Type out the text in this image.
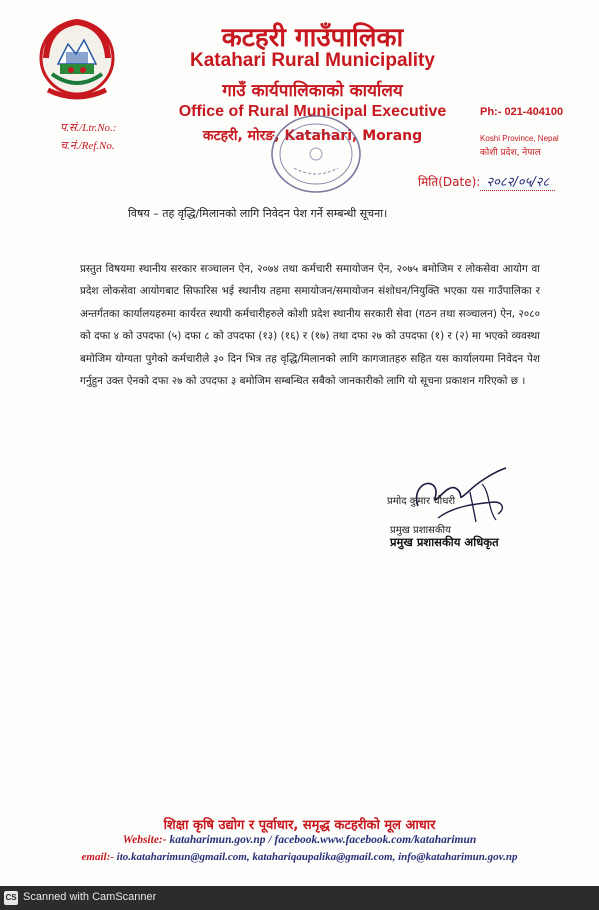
कटहरी गाउँपालिका
Katahari Rural Municipality
गाउँ कार्यपालिकाको कार्यालय
Office of Rural Municipal Executive
कटहरी, मोरङ, Katahari, Morang
Ph:- 021-404100
Koshi Province, Nepal
कोशी प्रदेश, नेपाल
प.सं./Ltr.No.:
च.नं./Ref.No.
मिति(Date): २०८२/०५/२८
विषय – तह वृद्धि/मिलानको लागि निवेदन पेश गर्ने सम्बन्धी सूचना।
प्रस्तुत विषयमा स्थानीय सरकार सञ्चालन ऐन, २०७४ तथा कर्मचारी समायोजन ऐन, २०७५ बमोजिम र लोकसेवा आयोग वा प्रदेश लोकसेवा आयोगबाट सिफारिस भई स्थानीय तहमा समायोजन/समायोजन संशोधन/नियुक्ति भएका यस गाउँपालिका र अन्तर्गतका कार्यालयहरुमा कार्यरत स्थायी कर्मचारीहरुले कोशी प्रदेश स्थानीय सरकारी सेवा (गठन तथा सञ्चालन) ऐन, २०८० को दफा ४ को उपदफा (५) दफा ८ को उपदफा (१३) (१६) र (१७) तथा दफा २७ को उपदफा (१) र (२) मा भएको व्यवस्था बमोजिम योग्यता पुगेको कर्मचारीले ३० दिन भित्र तह वृद्धि/मिलानको लागि कागजातहरु सहित यस कार्यालयमा निवेदन पेश गर्नुहुन उक्त ऐनको दफा २७ को उपदफा ३ बमोजिम सम्बन्धित सबैको जानकारीको लागि यो सूचना प्रकाशन गरिएको छ ।
प्रमोद कुमार चौधरी
प्रमुख प्रशासकीय
प्रमुख प्रशासकीय अधिकृत
शिक्षा कृषि उद्योग र पूर्वाधार, समृद्ध कटहरीको मूल आधार
Website:- kataharimun.gov.np / facebook.www.facebook.com/kataharimun
email:- ito.kataharimun@gmail.com, katahariqaupalika@gmail.com, info@kataharimun.gov.np
CS Scanned with CamScanner
